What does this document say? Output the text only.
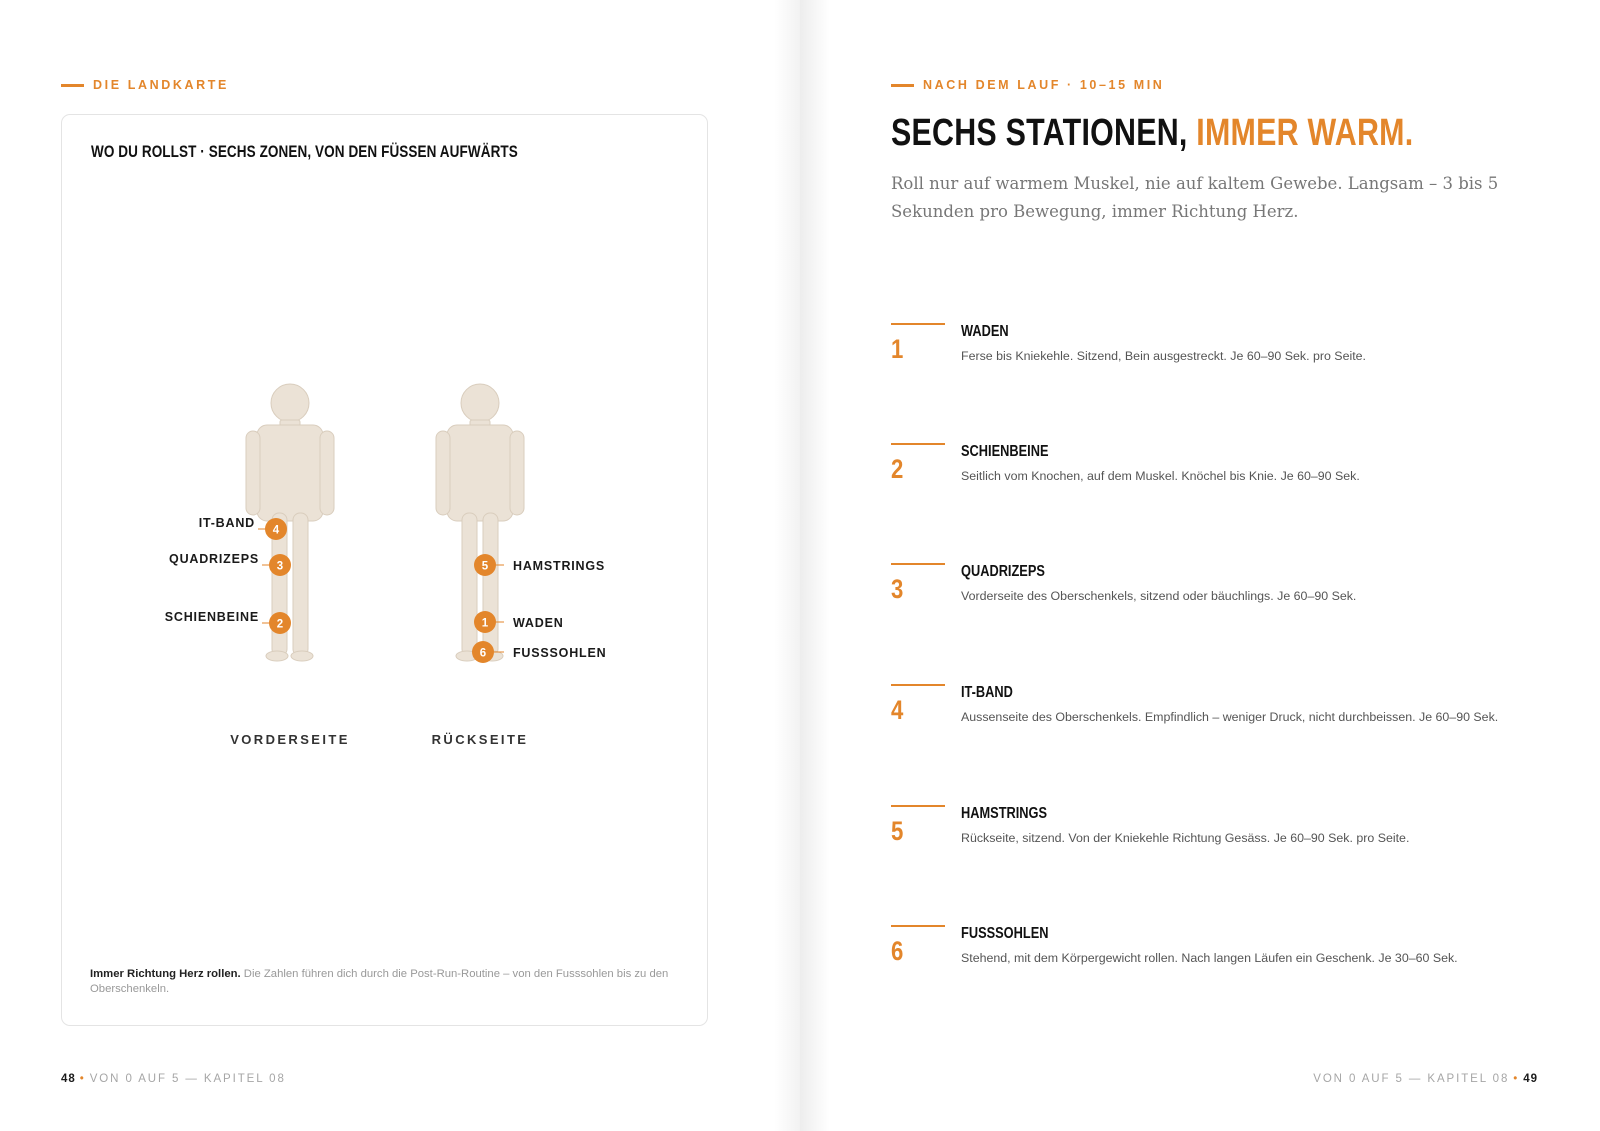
DIE LANDKARTE
WO DU ROLLST · SECHS ZONEN, VON DEN FÜSSEN AUFWÄRTS
IT-BAND
4
QUADRIZEPS
3
SCHIENBEINE
2
5 HAMSTRINGS
1 WADEN
6 FUSSSOHLEN
VORDERSEITE	RÜCKSEITE
Immer Richtung Herz rollen. Die Zahlen führen dich durch die Post-Run-Routine – von den Fusssohlen bis zu den Oberschenkeln.
48 • VON 0 AUF 5 — KAPITEL 08
NACH DEM LAUF · 10–15 MIN
SECHS STATIONEN, IMMER WARM.
Roll nur auf warmem Muskel, nie auf kaltem Gewebe. Langsam – 3 bis 5 Sekunden pro Bewegung, immer Richtung Herz.
1
WADEN
Ferse bis Kniekehle. Sitzend, Bein ausgestreckt. Je 60–90 Sek. pro Seite.
2
SCHIENBEINE
Seitlich vom Knochen, auf dem Muskel. Knöchel bis Knie. Je 60–90 Sek.
3
QUADRIZEPS
Vorderseite des Oberschenkels, sitzend oder bäuchlings. Je 60–90 Sek.
4
IT-BAND
Aussenseite des Oberschenkels. Empfindlich – weniger Druck, nicht durchbeissen. Je 60–90 Sek.
5
HAMSTRINGS
Rückseite, sitzend. Von der Kniekehle Richtung Gesäss. Je 60–90 Sek. pro Seite.
6
FUSSSOHLEN
Stehend, mit dem Körpergewicht rollen. Nach langen Läufen ein Geschenk. Je 30–60 Sek.
VON 0 AUF 5 — KAPITEL 08 • 49
